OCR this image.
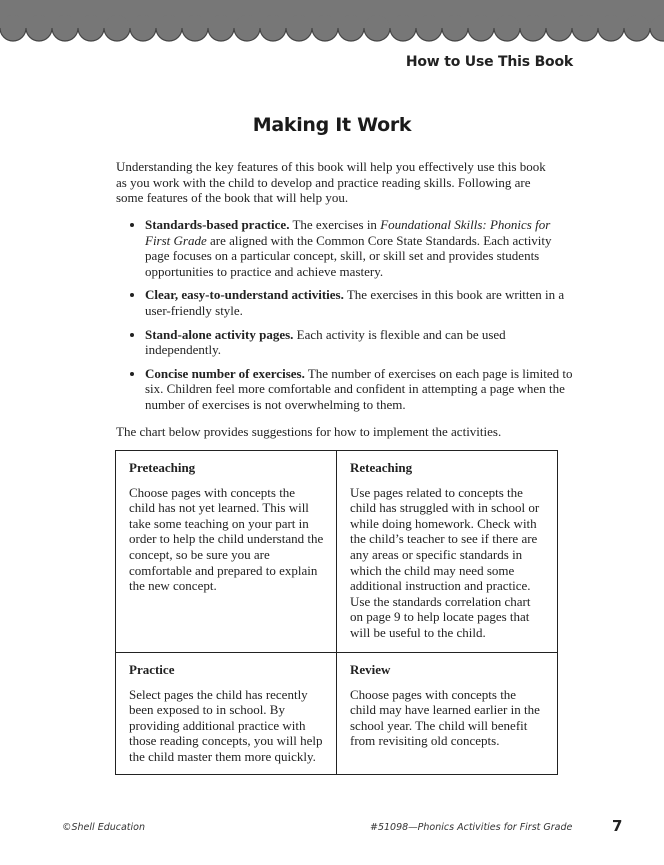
How to Use This Book
Making It Work

Understanding the key features of this book will help you effectively use this book as you work with the child to develop and practice reading skills. Following are some features of the book that will help you.

• Standards-based practice. The exercises in Foundational Skills: Phonics for First Grade are aligned with the Common Core State Standards. Each activity page focuses on a particular concept, skill, or skill set and provides students opportunities to practice and achieve mastery.
• Clear, easy-to-understand activities. The exercises in this book are written in a user-friendly style.
• Stand-alone activity pages. Each activity is flexible and can be used independently.
• Concise number of exercises. The number of exercises on each page is limited to six. Children feel more comfortable and confident in attempting a page when the number of exercises is not overwhelming to them.

The chart below provides suggestions for how to implement the activities.

Preteaching

Choose pages with concepts the child has not yet learned. This will take some teaching on your part in order to help the child understand the concept, so be sure you are comfortable and prepared to explain the new concept.

Reteaching

Use pages related to concepts the child has struggled with in school or while doing homework. Check with the child’s teacher to see if there are any areas or specific standards in which the child may need some additional instruction and practice. Use the standards correlation chart on page 9 to help locate pages that will be useful to the child.

Practice

Select pages the child has recently been exposed to in school. By providing additional practice with those reading concepts, you will help the child master them more quickly.

Review

Choose pages with concepts the child may have learned earlier in the school year. The child will benefit from revisiting old concepts.

©Shell Education	#51098—Phonics Activities for First Grade	7
